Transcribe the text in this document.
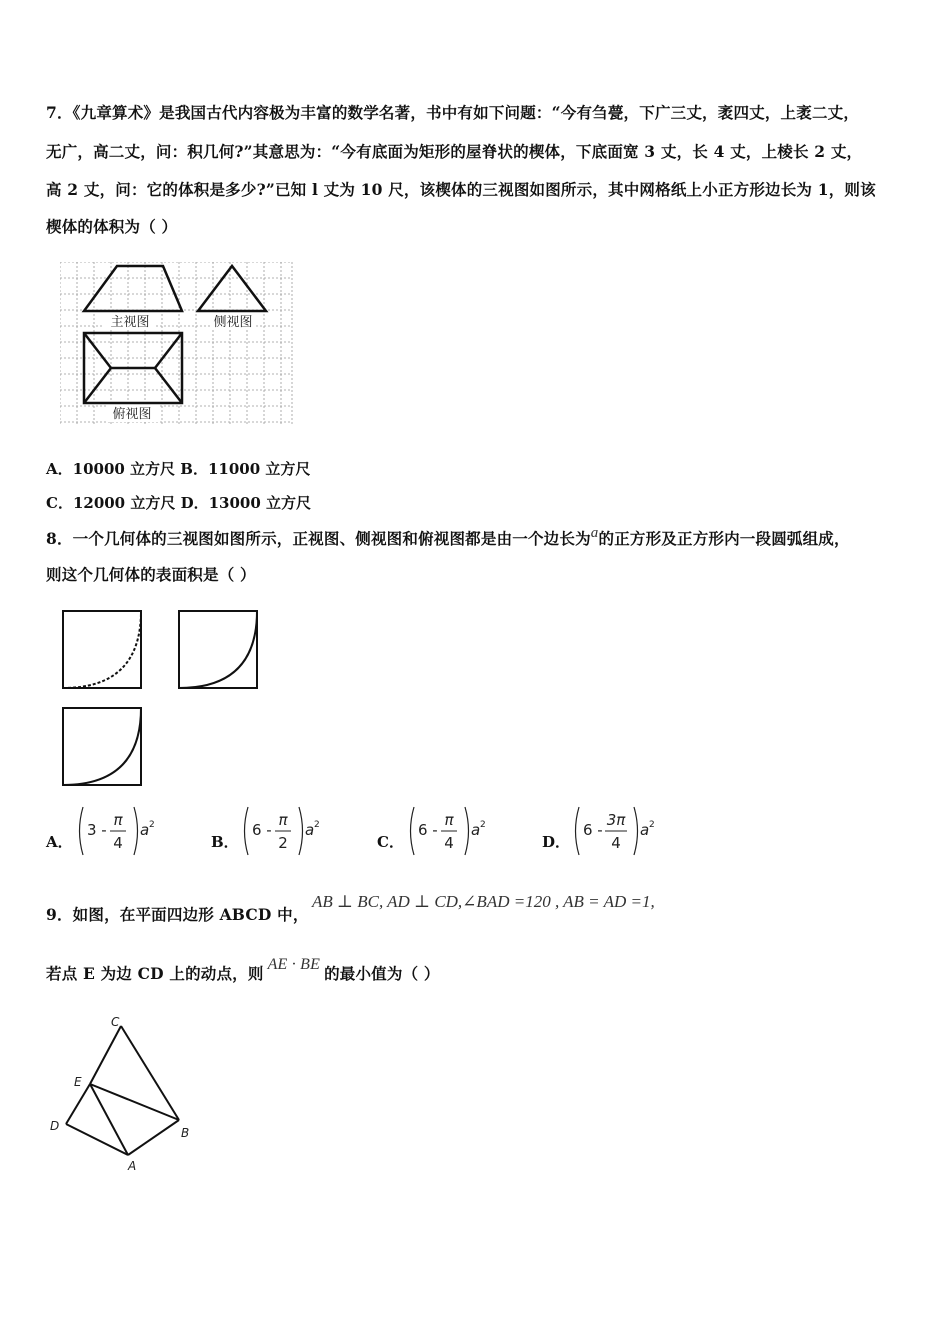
7．《九章算术》是我国古代内容极为丰富的数学名著，书中有如下问题：“今有刍甍，下广三丈，袤四丈，上袤二丈，
无广，高二丈，问：积几何?”其意思为：“今有底面为矩形的屋脊状的楔体，下底面宽 3 丈，长 4 丈，上棱长 2 丈，
高 2 丈，问：它的体积是多少?”已知 l 丈为 10 尺，该楔体的三视图如图所示，其中网格纸上小正方形边长为 1，则该
楔体的体积为（ ）
主视图	侧视图
俯视图
A．10000 立方尺 B．11000 立方尺
C．12000 立方尺 D．13000 立方尺
8．一个几何体的三视图如图所示，正视图、侧视图和俯视图都是由一个边长为a的正方形及正方形内一段圆弧组成，
则这个几何体的表面积是（ ）
A．
3 -
π
4
a 2
B．
6 -
π
2
a 2
C．
6 -
π
4
a 2
D．
6 -
3π
4
a 2
9．如图，在平面四边形 ABCD 中，
AB ⊥ BC, AD ⊥ CD,∠BAD =120 , AB = AD =1,
若点 E 为边 CD 上的动点，则 AE · BE 的最小值为（ ）
C
E
D	B
A
